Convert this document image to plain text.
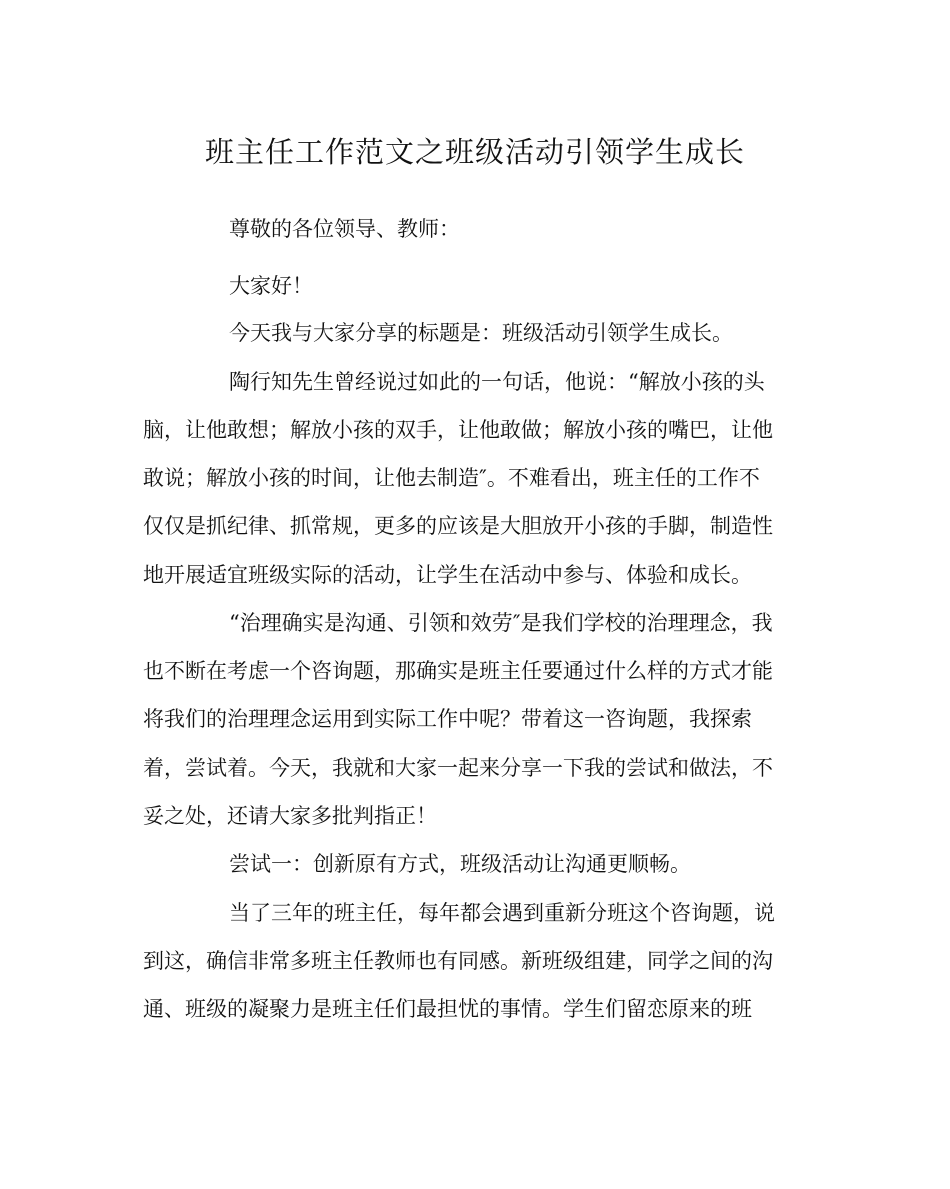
班主任工作范文之班级活动引领学生成长
尊敬的各位领导、教师：
大家好！
今天我与大家分享的标题是：班级活动引领学生成长。
陶行知先生曾经说过如此的一句话，他说：“解放小孩的头
脑，让他敢想；解放小孩的双手，让他敢做；解放小孩的嘴巴，让他
敢说；解放小孩的时间，让他去制造″。不难看出，班主任的工作不
仅仅是抓纪律、抓常规，更多的应该是大胆放开小孩的手脚，制造性
地开展适宜班级实际的活动，让学生在活动中参与、体验和成长。
“治理确实是沟通、引领和效劳″是我们学校的治理理念，我
也不断在考虑一个咨询题，那确实是班主任要通过什么样的方式才能
将我们的治理理念运用到实际工作中呢？带着这一咨询题，我探索
着，尝试着。今天，我就和大家一起来分享一下我的尝试和做法，不
妥之处，还请大家多批判指正！
尝试一：创新原有方式，班级活动让沟通更顺畅。
当了三年的班主任，每年都会遇到重新分班这个咨询题，说
到这，确信非常多班主任教师也有同感。新班级组建，同学之间的沟
通、班级的凝聚力是班主任们最担忧的事情。学生们留恋原来的班
